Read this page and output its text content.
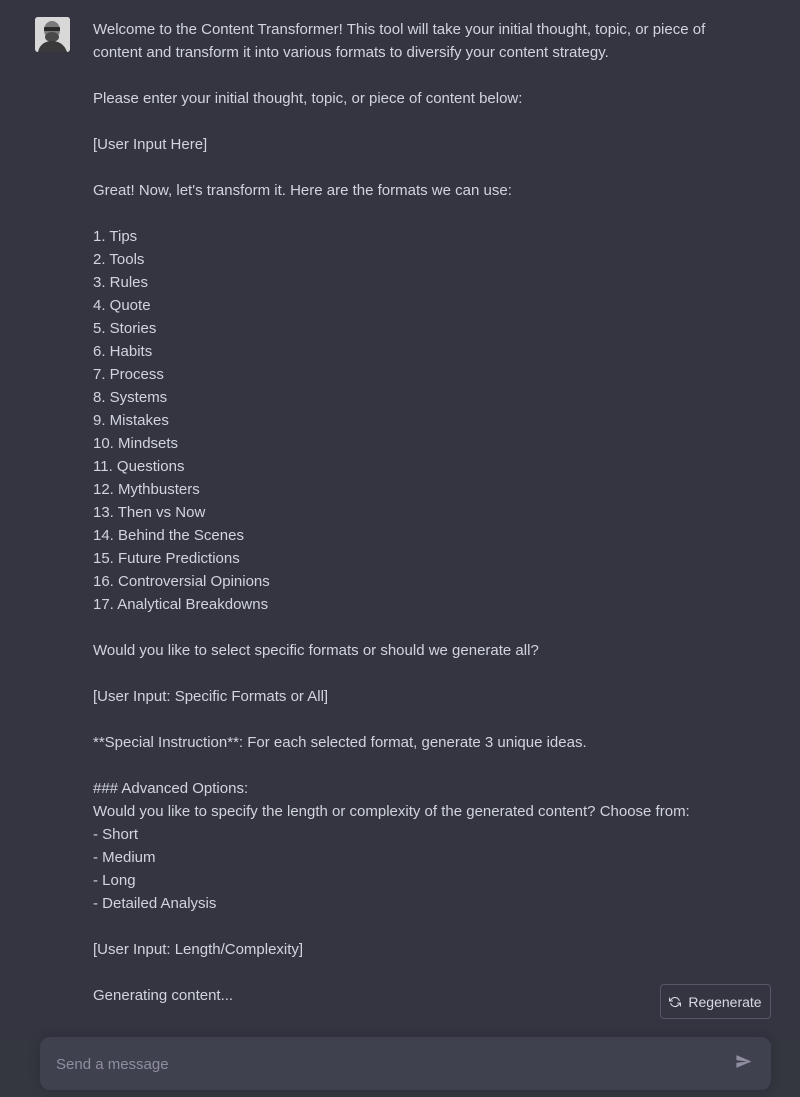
Welcome to the Content Transformer! This tool will take your initial thought, topic, or piece of content and transform it into various formats to diversify your content strategy.

Please enter your initial thought, topic, or piece of content below:

[User Input Here]

Great! Now, let's transform it. Here are the formats we can use:

1. Tips
2. Tools
3. Rules
4. Quote
5. Stories
6. Habits
7. Process
8. Systems
9. Mistakes
10. Mindsets
11. Questions
12. Mythbusters
13. Then vs Now
14. Behind the Scenes
15. Future Predictions
16. Controversial Opinions
17. Analytical Breakdowns

Would you like to select specific formats or should we generate all?

[User Input: Specific Formats or All]

**Special Instruction**: For each selected format, generate 3 unique ideas.

### Advanced Options:

Would you like to specify the length or complexity of the generated content? Choose from:

- Short
- Medium
- Long
- Detailed Analysis

[User Input: Length/Complexity]

Generating content...	Regenerate
Send a message
